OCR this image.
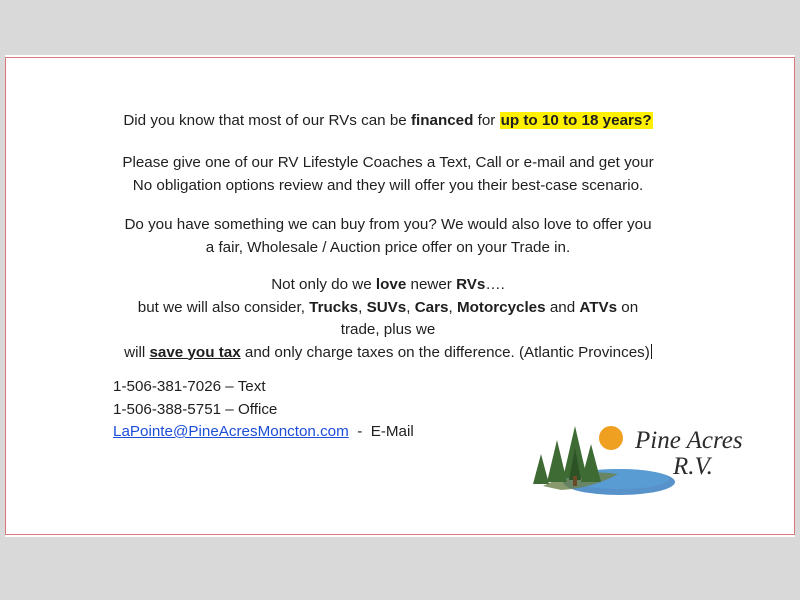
Did you know that most of our RVs can be financed for up to 10 to 18 years?

Please give one of our RV Lifestyle Coaches a Text, Call or e-mail and get your

No obligation options review and they will offer you their best-case scenario.

Do you have something we can buy from you? We would also love to offer you

a fair, Wholesale / Auction price offer on your Trade in.

Not only do we love newer RVs….

but we will also consider, Trucks, SUVs, Cars, Motorcycles and ATVs on

trade, plus we

will save you tax and only charge taxes on the difference. (Atlantic Provinces)

1-506-381-7026 – Text
1-506-388-5751 – Office
LaPointe@PineAcresMoncton.com -  E-Mail	Pine Acres
R.V.
